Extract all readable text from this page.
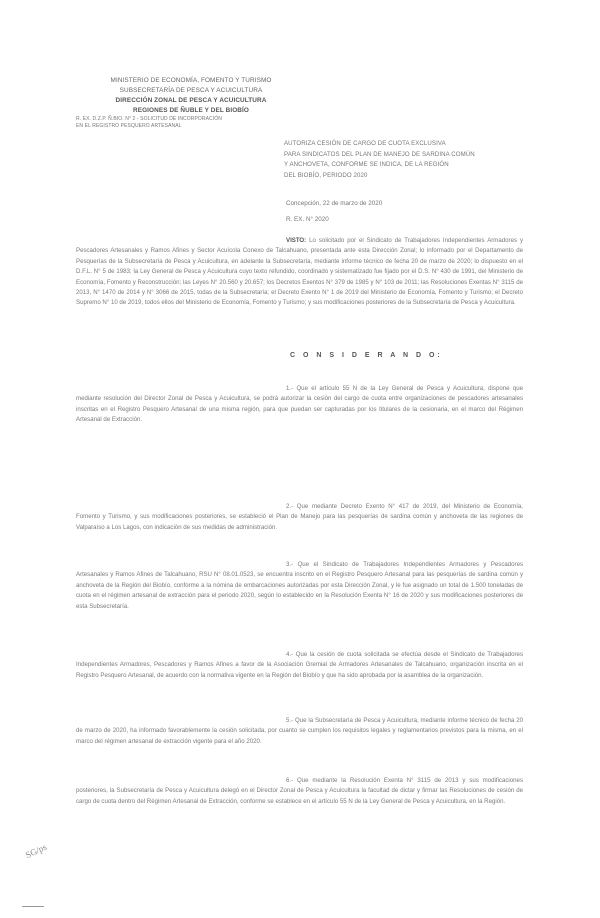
MINISTERIO DE ECONOMÍA, FOMENTO Y TURISMO
SUBSECRETARÍA DE PESCA Y ACUICULTURA
DIRECCIÓN ZONAL DE PESCA Y ACUICULTURA
REGIONES DE ÑUBLE Y DEL BIOBÍO
R. EX. D.Z.P. Ñ.BIO. N° 2 - SOLICITUD DE INCORPORACIÓN
EN EL REGISTRO PESQUERO ARTESANAL
AUTORIZA CESIÓN DE CARGO DE CUOTA EXCLUSIVA
PARA SINDICATOS DEL PLAN DE MANEJO DE SARDINA COMÚN
Y ANCHOVETA, CONFORME SE INDICA, DE LA REGIÓN
DEL BIOBÍO, PERIODO 2020
Concepción, 22 de marzo de 2020
R. EX. N° 2020

VISTO: Lo solicitado por el Sindicato de Trabajadores Independientes Armadores y Pescadores Artesanales y Ramos Afines y Sector Acuícola Conexo de Talcahuano, presentada ante esta Dirección Zonal; lo informado por el Departamento de Pesquerías de la Subsecretaría de Pesca y Acuicultura, en adelante la Subsecretaría, mediante informe técnico de fecha 20 de marzo de 2020; lo dispuesto en el D.F.L. N° 5 de 1983; la Ley General de Pesca y Acuicultura cuyo texto refundido, coordinado y sistematizado fue fijado por el D.S. N° 430 de 1991, del Ministerio de Economía, Fomento y Reconstrucción; las Leyes N° 20.560 y 20.657; los Decretos Exentos N° 379 de 1985 y N° 103 de 2011; las Resoluciones Exentas N° 3115 de 2013, N° 1470 de 2014 y N° 3066 de 2015, todas de la Subsecretaría; el Decreto Exento N° 1 de 2019 del Ministerio de Economía, Fomento y Turismo; el Decreto Supremo N° 10 de 2019, todos ellos del Ministerio de Economía, Fomento y Turismo; y sus modificaciones posteriores de la Subsecretaría de Pesca y Acuicultura.

C O N S I D E R A N D O:

1.- Que el artículo 55 N de la Ley General de Pesca y Acuicultura, dispone que mediante resolución del Director Zonal de Pesca y Acuicultura, se podrá autorizar la cesión del cargo de cuota entre organizaciones de pescadores artesanales inscritas en el Registro Pesquero Artesanal de una misma región, para que puedan ser capturadas por los titulares de la cesionaria, en el marco del Régimen Artesanal de Extracción.

2.- Que mediante Decreto Exento N° 417 de 2019, del Ministerio de Economía, Fomento y Turismo, y sus modificaciones posteriores, se estableció el Plan de Manejo para las pesquerías de sardina común y anchoveta de las regiones de Valparaíso a Los Lagos, con indicación de sus medidas de administración.

3.- Que el Sindicato de Trabajadores Independientes Armadores y Pescadores Artesanales y Ramos Afines de Talcahuano, RSU N° 08.01.0523, se encuentra inscrito en el Registro Pesquero Artesanal para las pesquerías de sardina común y anchoveta de la Región del Biobío, conforme a la nómina de embarcaciones autorizadas por esta Dirección Zonal, y le fue asignado un total de 1.500 toneladas de cuota en el régimen artesanal de extracción para el periodo 2020, según lo establecido en la Resolución Exenta N° 16 de 2020 y sus modificaciones posteriores de esta Subsecretaría.

4.- Que la cesión de cuota solicitada se efectúa desde el Sindicato de Trabajadores Independientes Armadores, Pescadores y Ramos Afines a favor de la Asociación Gremial de Armadores Artesanales de Talcahuano, organización inscrita en el Registro Pesquero Artesanal, de acuerdo con la normativa vigente en la Región del Biobío y que ha sido aprobada por la asamblea de la organización.

5.- Que la Subsecretaría de Pesca y Acuicultura, mediante informe técnico de fecha 20 de marzo de 2020, ha informado favorablemente la cesión solicitada, por cuanto se cumplen los requisitos legales y reglamentarios previstos para la misma, en el marco del régimen artesanal de extracción vigente para el año 2020.

6.- Que mediante la Resolución Exenta N° 3115 de 2013 y sus modificaciones posteriores, la Subsecretaría de Pesca y Acuicultura delegó en el Director Zonal de Pesca y Acuicultura la facultad de dictar y firmar las Resoluciones de cesión de cargo de cuota dentro del Régimen Artesanal de Extracción, conforme se establece en el artículo 55 N de la Ley General de Pesca y Acuicultura, en la Región.

SG/ps
